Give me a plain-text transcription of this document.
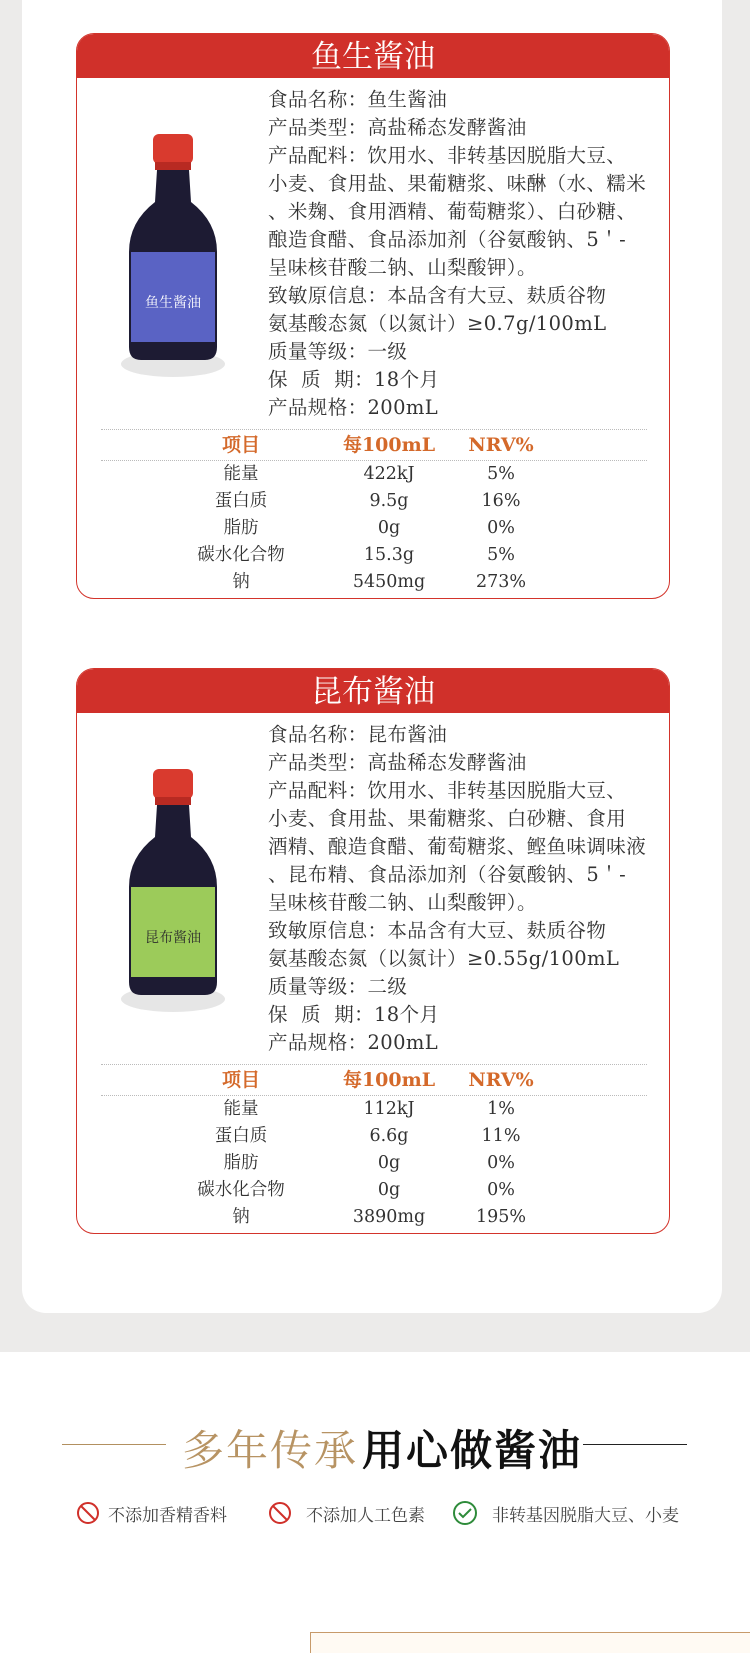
鱼生酱油
鱼生酱油
食品名称：鱼生酱油
产品类型：高盐稀态发酵酱油
产品配料：饮用水、非转基因脱脂大豆、
小麦、食用盐、果葡糖浆、味醂（水、糯米
、米麹、食用酒精、葡萄糖浆）、白砂糖、
酿造食醋、食品添加剂（谷氨酸钠、5＇-
呈味核苷酸二钠、山梨酸钾）。
致敏原信息：本品含有大豆、麸质谷物
氨基酸态氮（以氮计）≥0.7g/100mL
质量等级：一级
保  质  期：18个月
产品规格：200mL
项目	每100mL	NRV%
能量	422kJ	5%
蛋白质	9.5g	16%
脂肪	0g	0%
碳水化合物	15.3g	5%
钠	5450mg	273%
昆布酱油
昆布酱油
食品名称：昆布酱油
产品类型：高盐稀态发酵酱油
产品配料：饮用水、非转基因脱脂大豆、
小麦、食用盐、果葡糖浆、白砂糖、食用
酒精、酿造食醋、葡萄糖浆、鲣鱼味调味液
、昆布精、食品添加剂（谷氨酸钠、5＇-
呈味核苷酸二钠、山梨酸钾）。
致敏原信息：本品含有大豆、麸质谷物
氨基酸态氮（以氮计）≥0.55g/100mL
质量等级：二级
保  质  期：18个月
产品规格：200mL
项目	每100mL	NRV%
能量	112kJ	1%
蛋白质	6.6g	11%
脂肪	0g	0%
碳水化合物	0g	0%
钠	3890mg	195%
多年传承 用心做酱油
不添加香精香料	不添加人工色素	非转基因脱脂大豆、小麦
